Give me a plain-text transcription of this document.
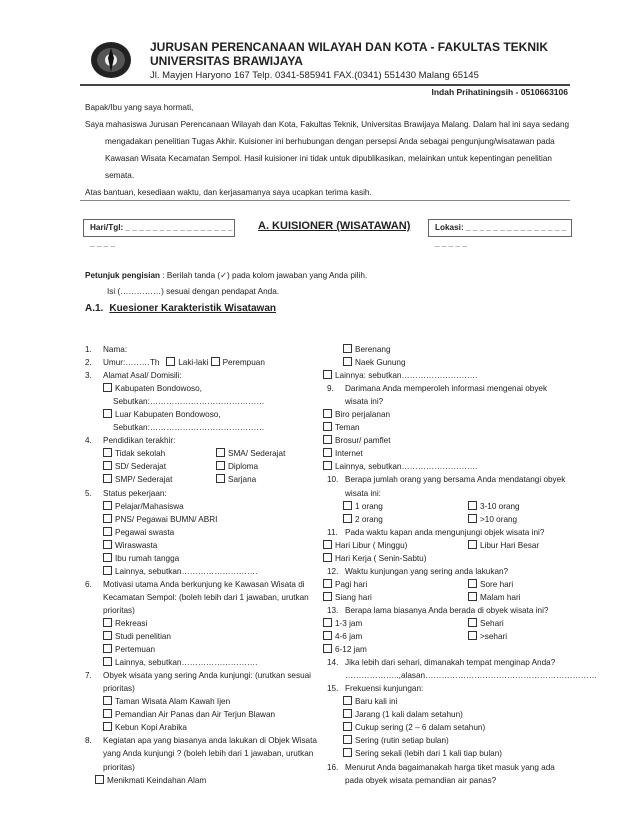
JURUSAN PERENCANAAN WILAYAH DAN KOTA - FAKULTAS TEKNIK
UNIVERSITAS BRAWIJAYA
Jl. Mayjen Haryono 167 Telp. 0341-585941 FAX.(0341) 551430 Malang 65145
Indah Prihatiningsih - 0510663106
Bapak/Ibu yang saya hormati,
Saya mahasiswa Jurusan Perencanaan Wilayah dan Kota, Fakultas Teknik, Universitas Brawijaya Malang. Dalam hal ini saya sedang
mengadakan penelitian Tugas Akhir. Kuisioner ini berhubungan dengan persepsi Anda sebagai pengunjung/wisatawan pada
Kawasan Wisata Kecamatan Sempol. Hasil kuisioner ini tidak untuk dipublikasikan, melainkan untuk kepentingan penelitian
semata.
Atas bantuan, kesediaan waktu, dan kerjasamanya saya ucapkan terima kasih.
Hari/Tgl: _ _ _ _ _ _ _ _ _ _ _ _ _ _ _ _ _ _ _ _
A. KUISIONER (WISATAWAN)	Lokasi: _ _ _ _ _ _ _ _ _ _ _ _ _ _ _ _ _ _ _ _
Petunjuk pengisian : Berilah tanda (✓) pada kolom jawaban yang Anda pilih.
Isi (……………) sesuai dengan pendapat Anda.
A.1. Kuesioner Karakteristik Wisatawan
1. Nama:
2. Umur:………Th Laki-laki Perempuan
3. Alamat Asal/ Domisili:
Kabupaten Bondowoso,
Sebutkan:……………………………………
Luar Kabupaten Bondowoso,
Sebutkan:……………………………………
4. Pendidikan terakhir:
Tidak sekolah	SMA/ Sederajat
SD/ Sederajat	Diploma
SMP/ Sederajat	Sarjana
5. Status pekerjaan:
Pelajar/Mahasiswa
PNS/ Pegawai BUMN/ ABRI
Pegawai swasta
Wiraswasta
Ibu rumah tangga
Lainnya, sebutkan……………………….
6. Motivasi utama Anda berkunjung ke Kawasan Wisata di
Kecamatan Sempol: (boleh lebih dari 1 jawaban, urutkan
prioritas)
Rekreasi
Studi penelitian
Pertemuan
Lainnya, sebutkan……………………….
7. Obyek wisata yang sering Anda kunjungi: (urutkan sesuai
prioritas)
Taman Wisata Alam Kawah Ijen
Pemandian Air Panas dan Air Terjun Blawan
Kebun Kopi Arabika
8. Kegiatan apa yang biasanya anda lakukan di Objek Wisata
yang Anda kunjungi ? (boleh lebih dari 1 jawaban, urutkan
prioritas)
Menikmati Keindahan Alam
Berenang
Naek Gunung
Lainnya: sebutkan……………………….
9. Darimana Anda memperoleh informasi mengenai obyek
wisata ini?
Biro perjalanan
Teman
Brosur/ pamflet
Internet
Lainnya, sebutkan……………………….
10. Berapa jumlah orang yang bersama Anda mendatangi obyek
wisata ini:
1 orang	3-10 orang
2 orang	>10 orang
11. Pada waktu kapan anda mengunjungi objek wisata ini?
Hari Libur ( Minggu)	Libur Hari Besar
Hari Kerja ( Senin-Sabtu)
12. Waktu kunjungan yang sering anda lakukan?
Pagi hari	Sore hari
Siang hari	Malam hari
13. Berapa lama biasanya Anda berada di obyek wisata ini?
1-3 jam	Sehari
4-6 jam	>sehari
6-12 jam
14. Jika lebih dari sehari, dimanakah tempat menginap Anda?
………………..,alasan………………………………………………………
15. Frekuensi kunjungan:
Baru kali ini
Jarang (1 kali dalam setahun)
Cukup sering (2 – 6 dalam setahun)
Sering (rutin setiap bulan)
Sering sekali (lebih dari 1 kali tiap bulan)
16. Menurut Anda bagaimanakah harga tiket masuk yang ada
pada obyek wisata pemandian air panas?
